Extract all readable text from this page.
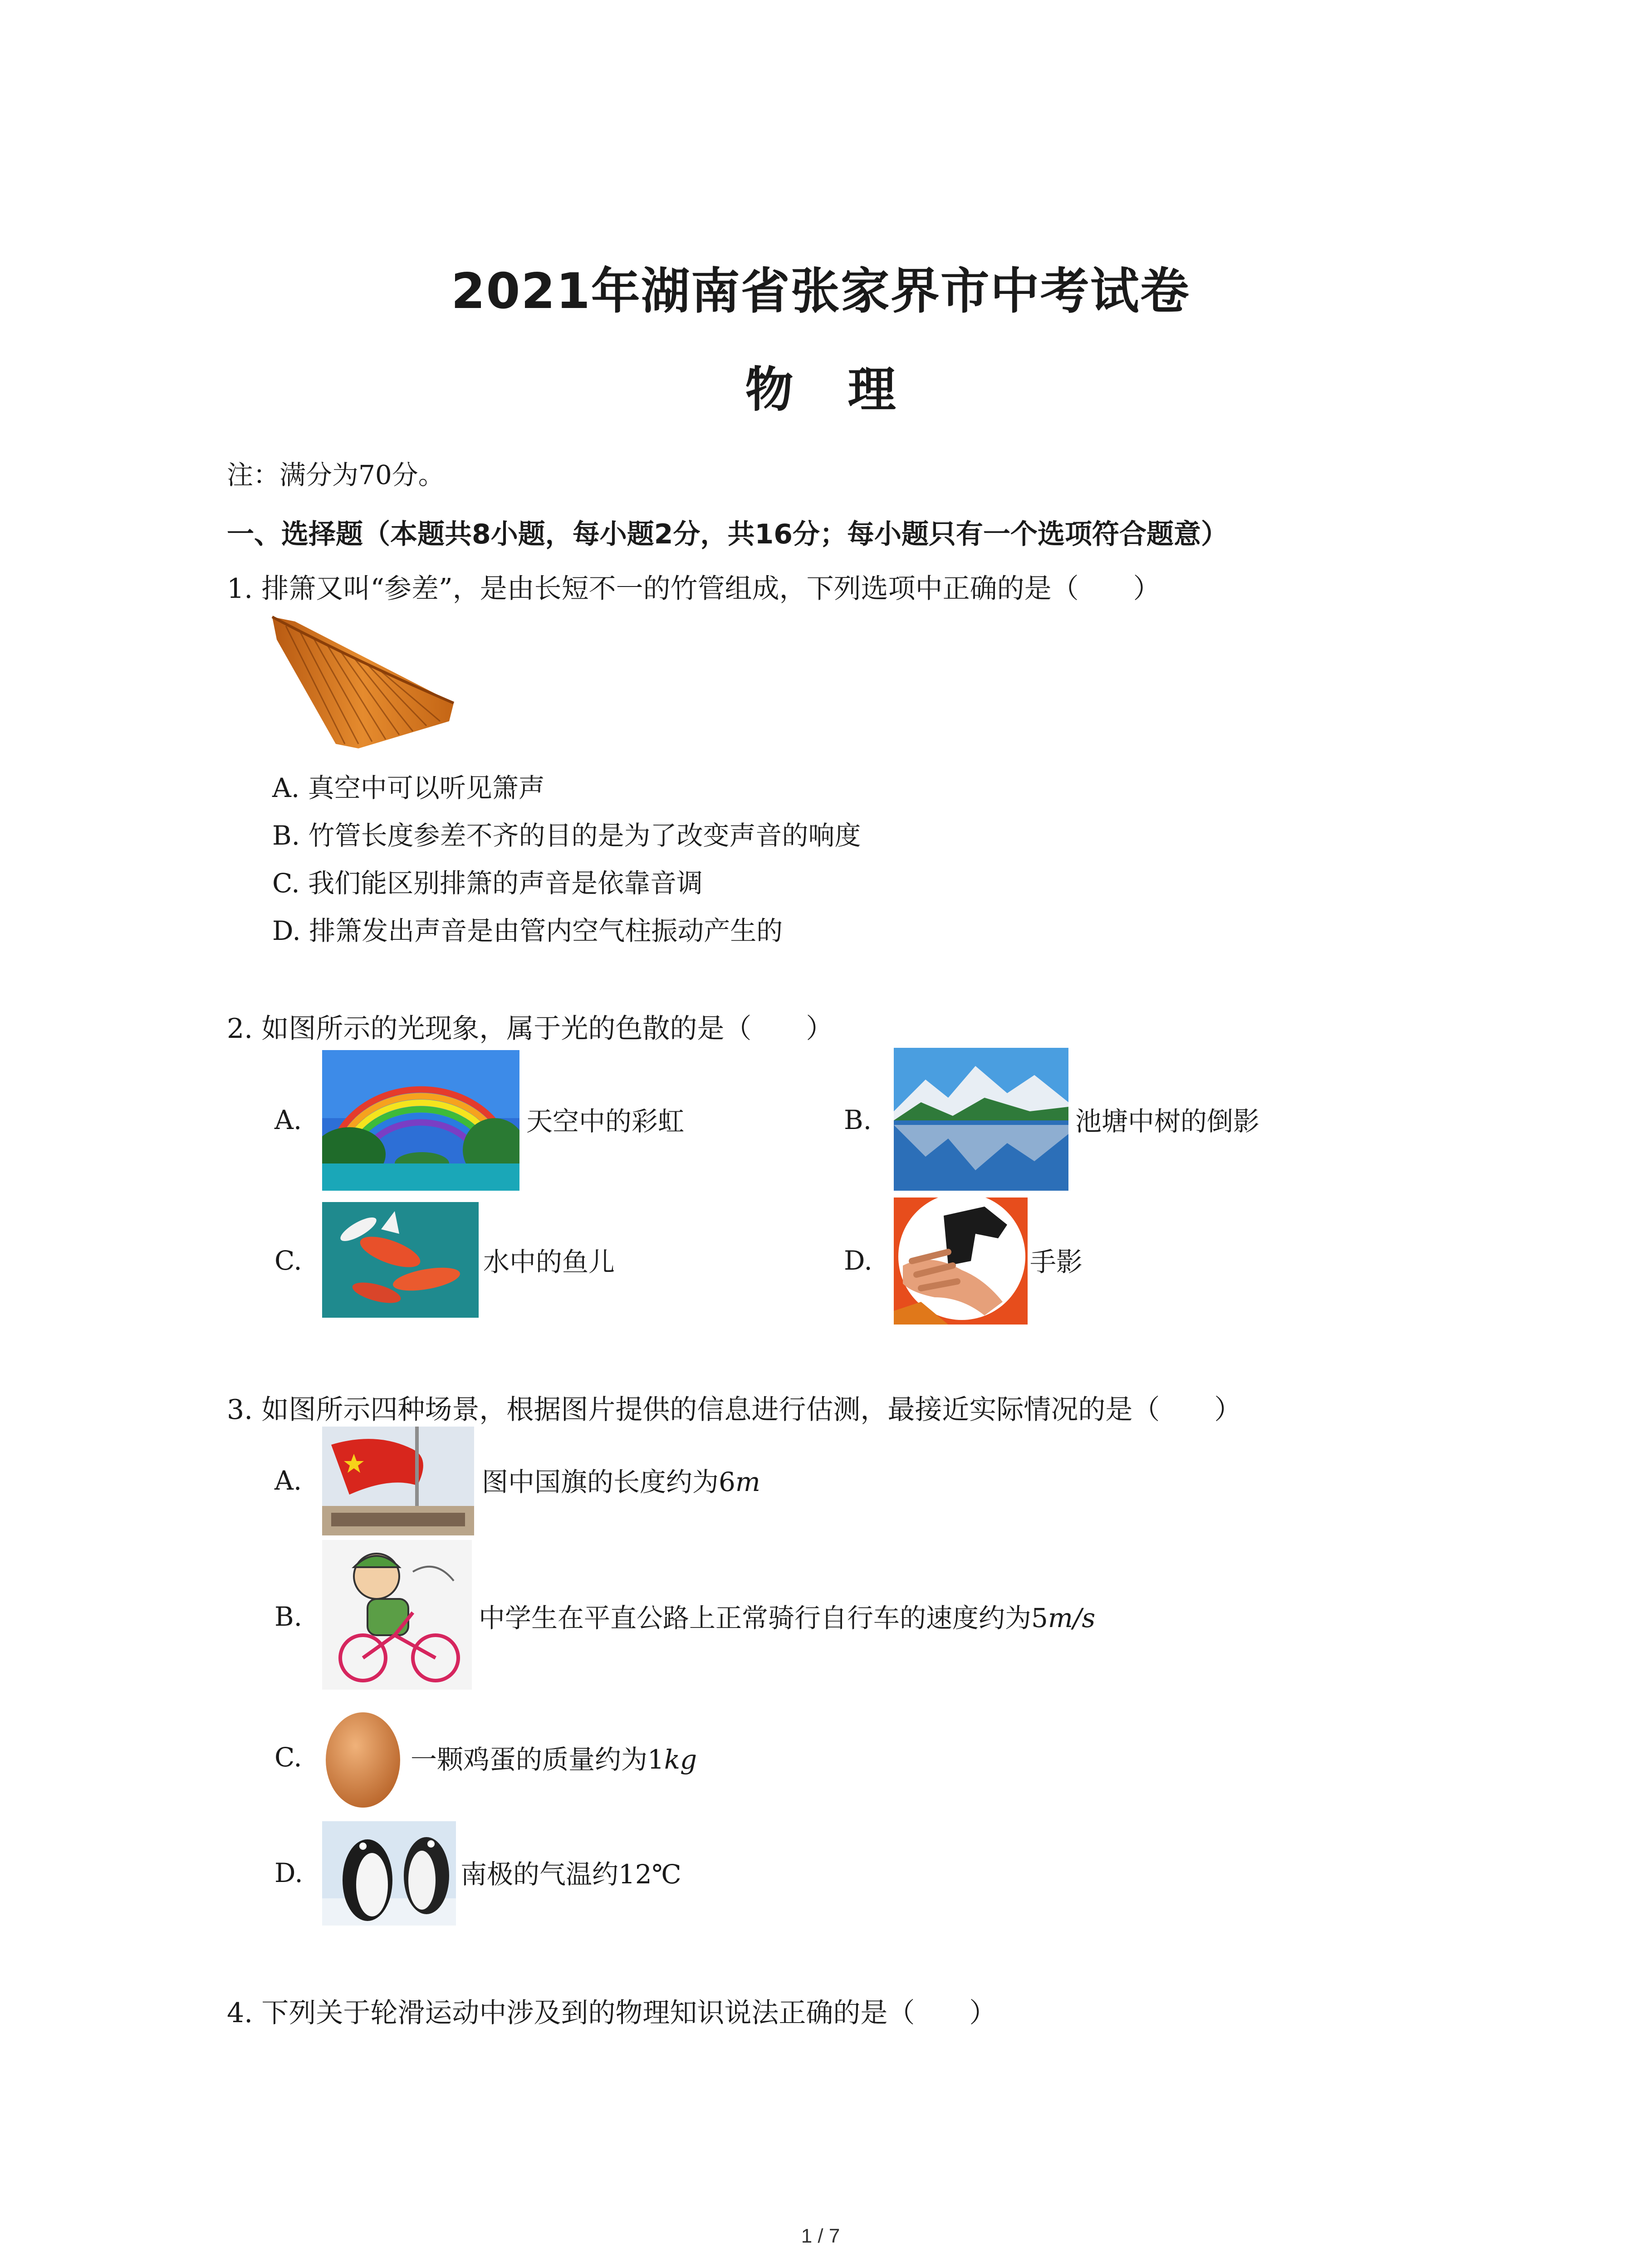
2021年湖南省张家界市中考试卷
物 理
注：满分为70分。
一、选择题（本题共8小题，每小题2分，共16分；每小题只有一个选项符合题意）
1. 排箫又叫“参差”，是由长短不一的竹管组成，下列选项中正确的是（　　）
A. 真空中可以听见箫声
B. 竹管长度参差不齐的目的是为了改变声音的响度
C. 我们能区别排箫的声音是依靠音调
D. 排箫发出声音是由管内空气柱振动产生的
2. 如图所示的光现象，属于光的色散的是（　　）
A.	天空中的彩虹	B.	池塘中树的倒影
C.	水中的鱼儿	D.	手影
3. 如图所示四种场景，根据图片提供的信息进行估测，最接近实际情况的是（　　）
A.	图中国旗的长度约为6m
B.	中学生在平直公路上正常骑行自行车的速度约为5m/s
C.	一颗鸡蛋的质量约为1kg
D.	南极的气温约12℃
4. 下列关于轮滑运动中涉及到的物理知识说法正确的是（　　）
1 / 7
